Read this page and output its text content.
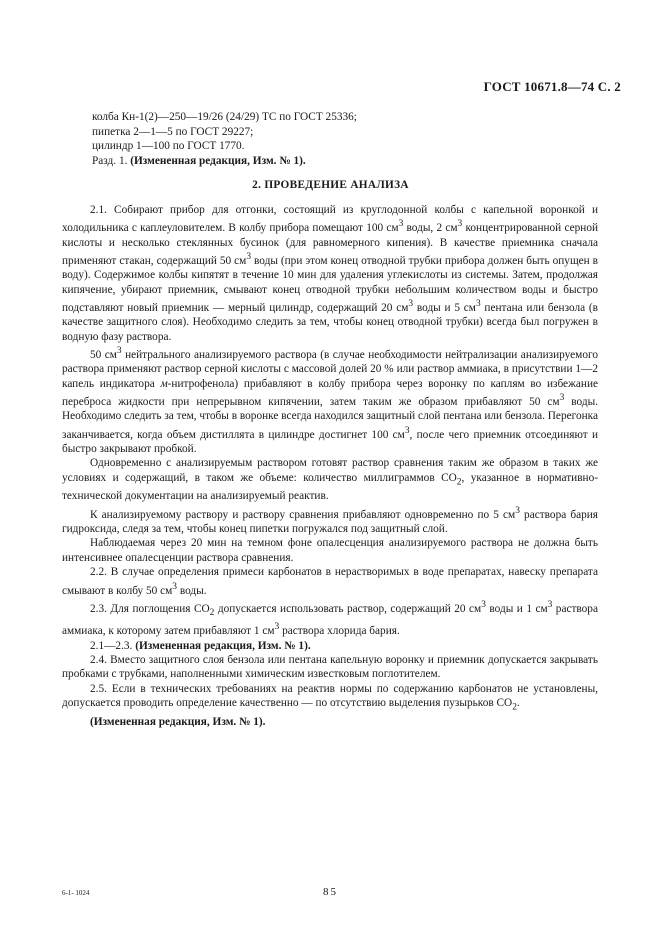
ГОСТ 10671.8—74 С. 2

колба Кн-1(2)—250—19/26 (24/29) ТС по ГОСТ 25336;

пипетка 2—1—5 по ГОСТ 29227;

цилиндр 1—100 по ГОСТ 1770.

Разд. 1. (Измененная редакция, Изм. № 1).

2. ПРОВЕДЕНИЕ АНАЛИЗА

2.1. Собирают прибор для отгонки, состоящий из круглодонной колбы с капельной воронкой и холодильника с каплеуловителем. В колбу прибора помещают 100 $см^3$ воды, 2 $см^3$ концентрированной серной кислоты и несколько стеклянных бусинок (для равномерного кипения). В качестве приемника сначала применяют стакан, содержащий 50 $см^3$ воды (при этом конец отводной трубки прибора должен быть опущен в воду). Содержимое колбы кипятят в течение 10 мин для удаления углекислоты из системы. Затем, продолжая кипячение, убирают приемник, смывают конец отводной трубки небольшим количеством воды и быстро подставляют новый приемник — мерный цилиндр, содержащий 20 $см^3$ воды и 5 $см^3$ пентана или бензола (в качестве защитного слоя). Необходимо следить за тем, чтобы конец отводной трубки) всегда был погружен в водную фазу раствора.

50 $см^3$ нейтрального анализируемого раствора (в случае необходимости нейтрализации анализируемого раствора применяют раствор серной кислоты с массовой долей 20 % или раствор аммиака, в присутствии 1—2 капель индикатора м-нитрофенола) прибавляют в колбу прибора через воронку по каплям во избежание переброса жидкости при непрерывном кипячении, затем таким же образом прибавляют 50 $см^3$ воды. Необходимо следить за тем, чтобы в воронке всегда находился защитный слой пентана или бензола. Перегонка заканчивается, когда объем дистиллята в цилиндре достигнет 100 $см^3$, после чего приемник отсоединяют и быстро закрывают пробкой.

Одновременно с анализируемым раствором готовят раствор сравнения таким же образом в таких же условиях и содержащий, в таком же объеме: количество миллиграммов $CO_2$, указанное в нормативно-технической документации на анализируемый реактив.

К анализируемому раствору и раствору сравнения прибавляют одновременно по 5 $см^3$ раствора бария гидроксида, следя за тем, чтобы конец пипетки погружался под защитный слой.

Наблюдаемая через 20 мин на темном фоне опалесценция анализируемого раствора не должна быть интенсивнее опалесценции раствора сравнения.

2.2. В случае определения примеси карбонатов в нерастворимых в воде препаратах, навеску препарата смывают в колбу 50 $см^3$ воды.

2.3. Для поглощения $CO_2$ допускается использовать раствор, содержащий 20 $см^3$ воды и 1 $см^3$ раствора аммиака, к которому затем прибавляют 1 $см^3$ раствора хлорида бария.

2.1—2.3. (Измененная редакция, Изм. № 1).

2.4. Вместо защитного слоя бензола или пентана капельную воронку и приемник допускается закрывать пробками с трубками, наполненными химическим известковым поглотителем.

2.5. Если в технических требованиях на реактив нормы по содержанию карбонатов не установлены, допускается проводить определение качественно — по отсутствию выделения пузырьков $CO_2$.

(Измененная редакция, Изм. № 1).

6-1- 1024	85
